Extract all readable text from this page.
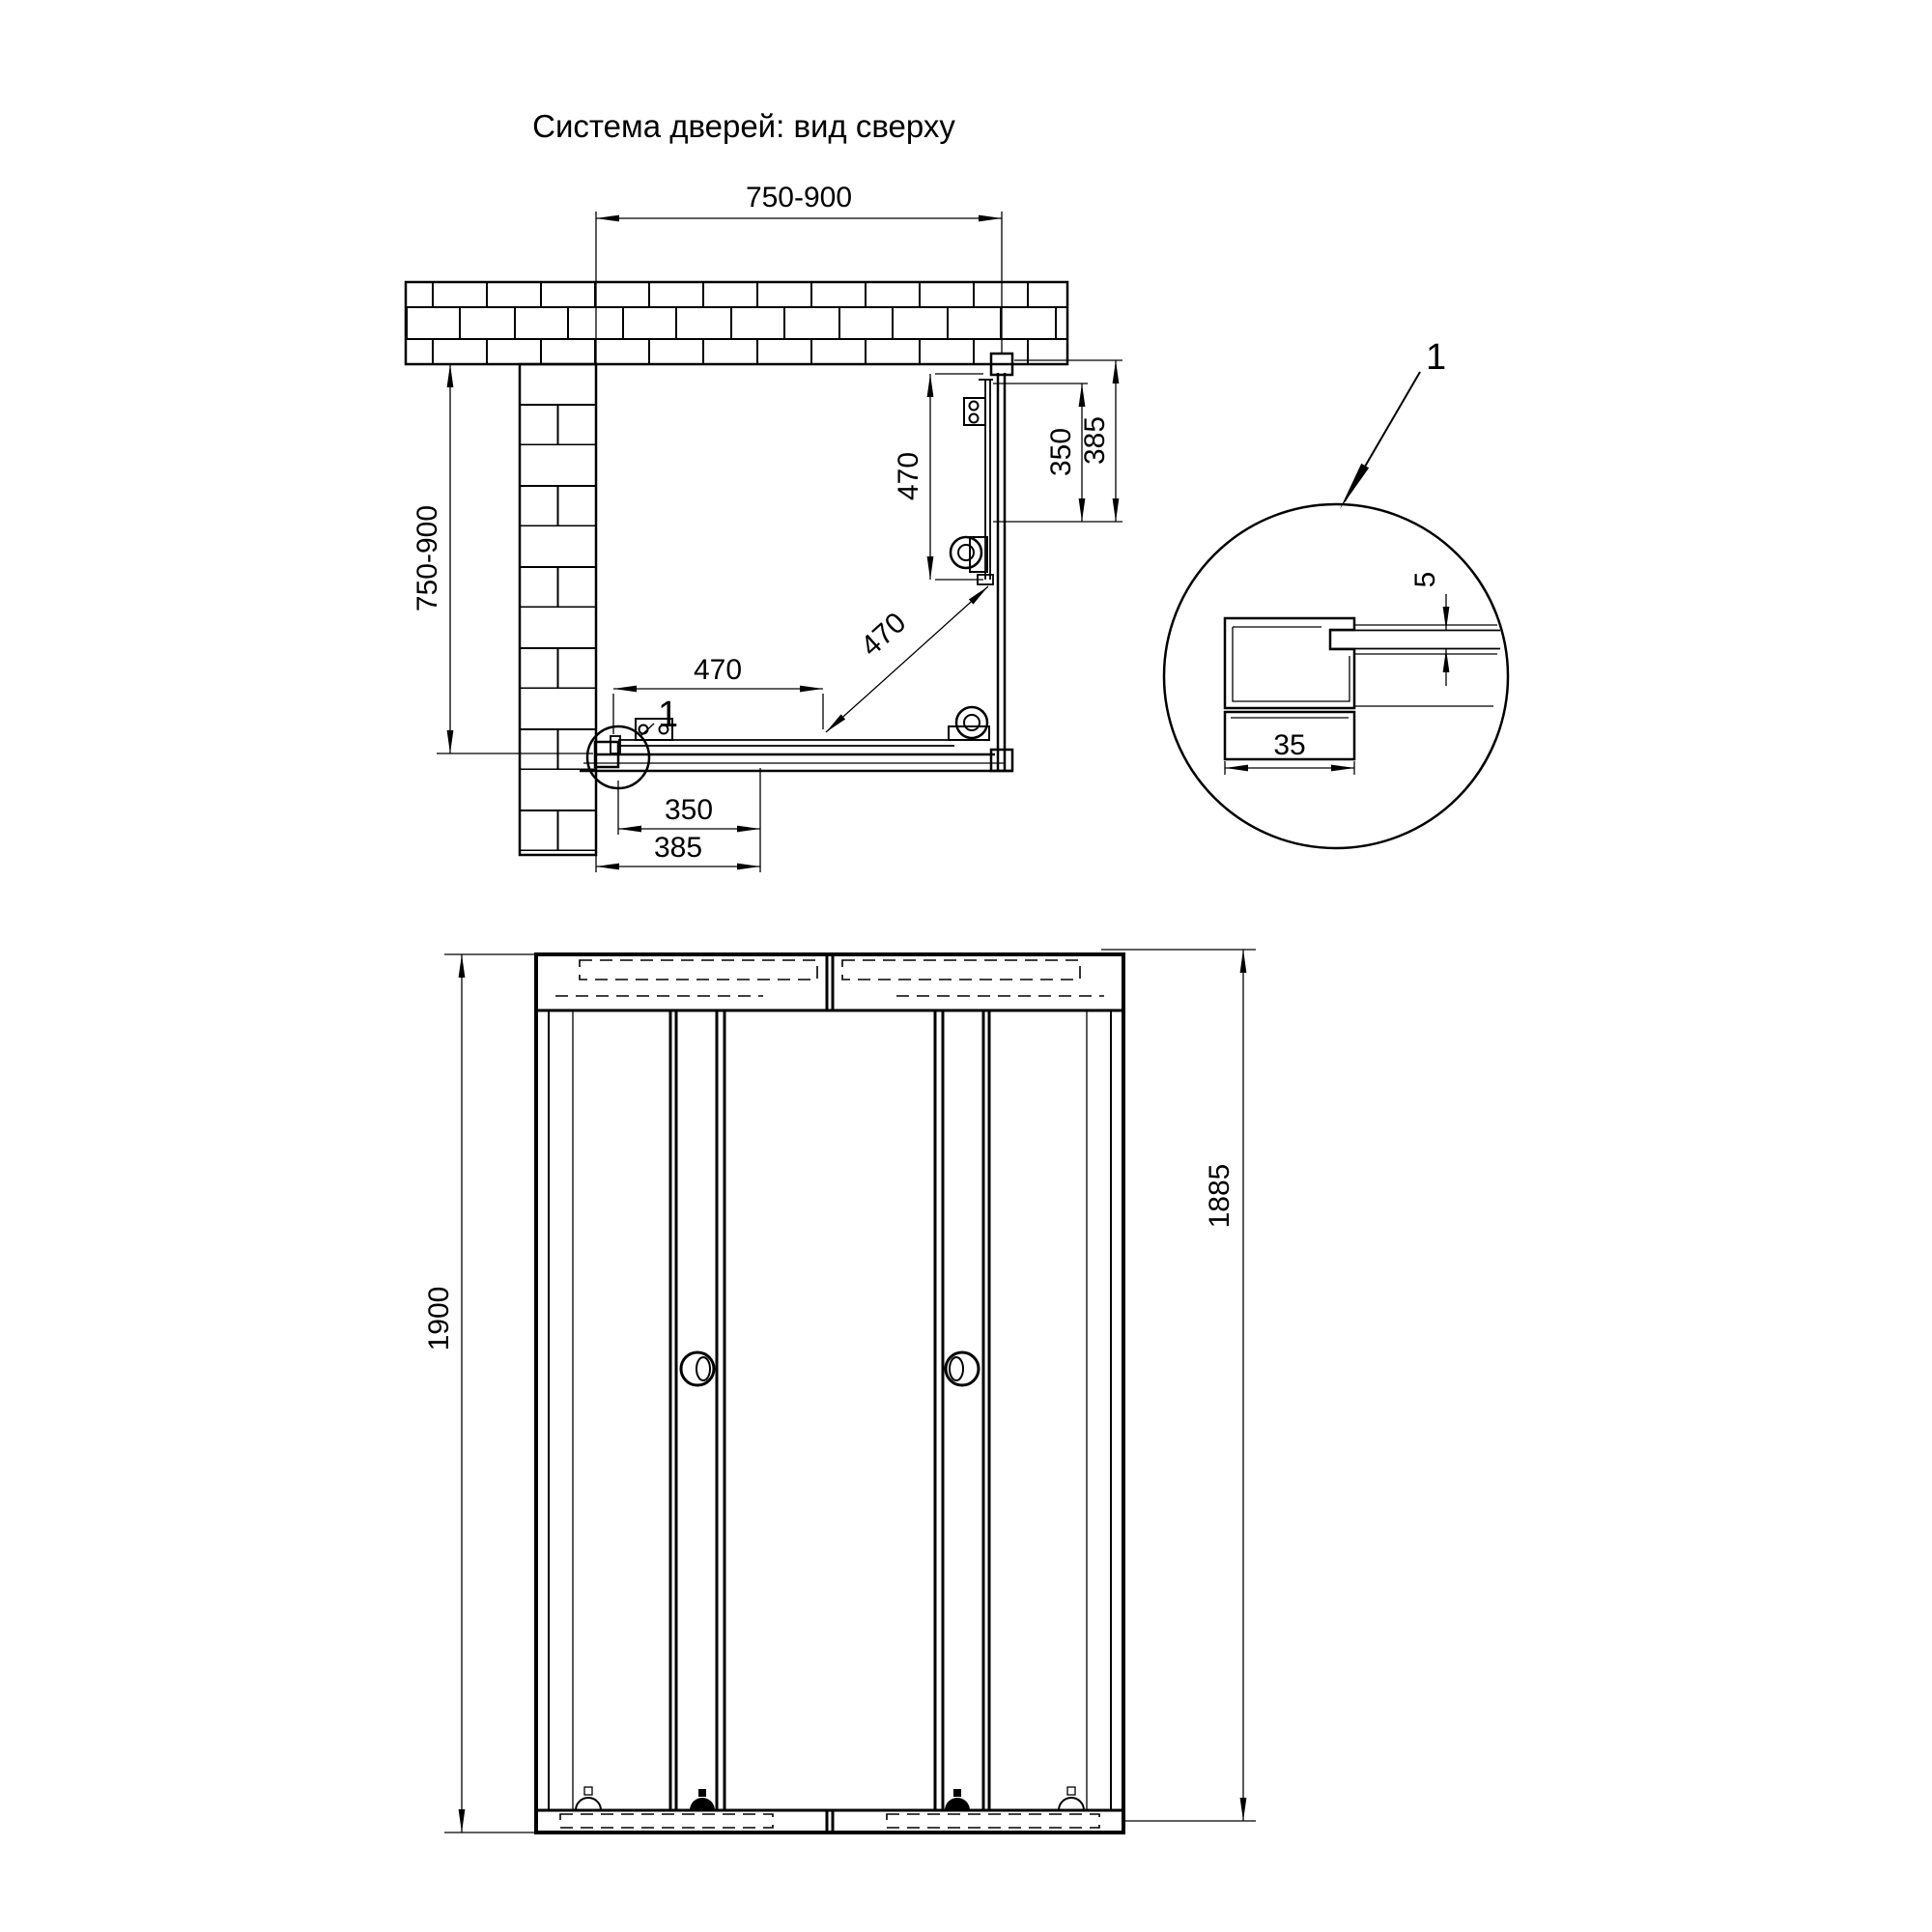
Система дверей: вид сверху
1
750-900
750-900
470	350 385
470
350
385
470
1
35
5
1900
1885
